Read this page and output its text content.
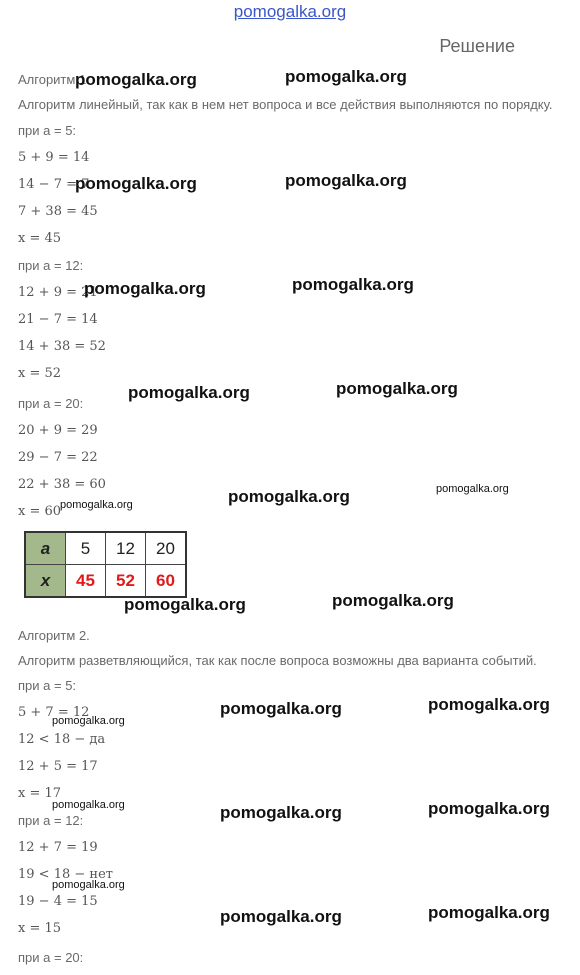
pomogalka.org
Решение
Алгоритм 1
Алгоритм линейный, так как в нем нет вопроса и все действия выполняются по порядку.
при a = 5:
5 + 9 = 14
14 − 7 = 7
7 + 38 = 45
x = 45
при a = 12:
12 + 9 = 21
21 − 7 = 14
14 + 38 = 52
x = 52
при a = 20:
20 + 9 = 29
29 − 7 = 22
22 + 38 = 60
x = 60
Алгоритм 2.
Алгоритм разветвляющийся, так как после вопроса возможны два варианта событий.
при a = 5:
5 + 7 = 12
12 < 18 − да
12 + 5 = 17
x = 17
при a = 12:
12 + 7 = 19
19 < 18 − нет
19 − 4 = 15
x = 15
при a = 20:
a	5	12	20
x	45	52	60
pomogalka.org	pomogalka.org
pomogalka.org	pomogalka.org
pomogalka.org	pomogalka.org
pomogalka.org	pomogalka.org
pomogalka.org	pomogalka.org
pomogalka.org
pomogalka.org	pomogalka.org
pomogalka.org	pomogalka.org
pomogalka.org
pomogalka.org	pomogalka.org	pomogalka.org
pomogalka.org
pomogalka.org	pomogalka.org
